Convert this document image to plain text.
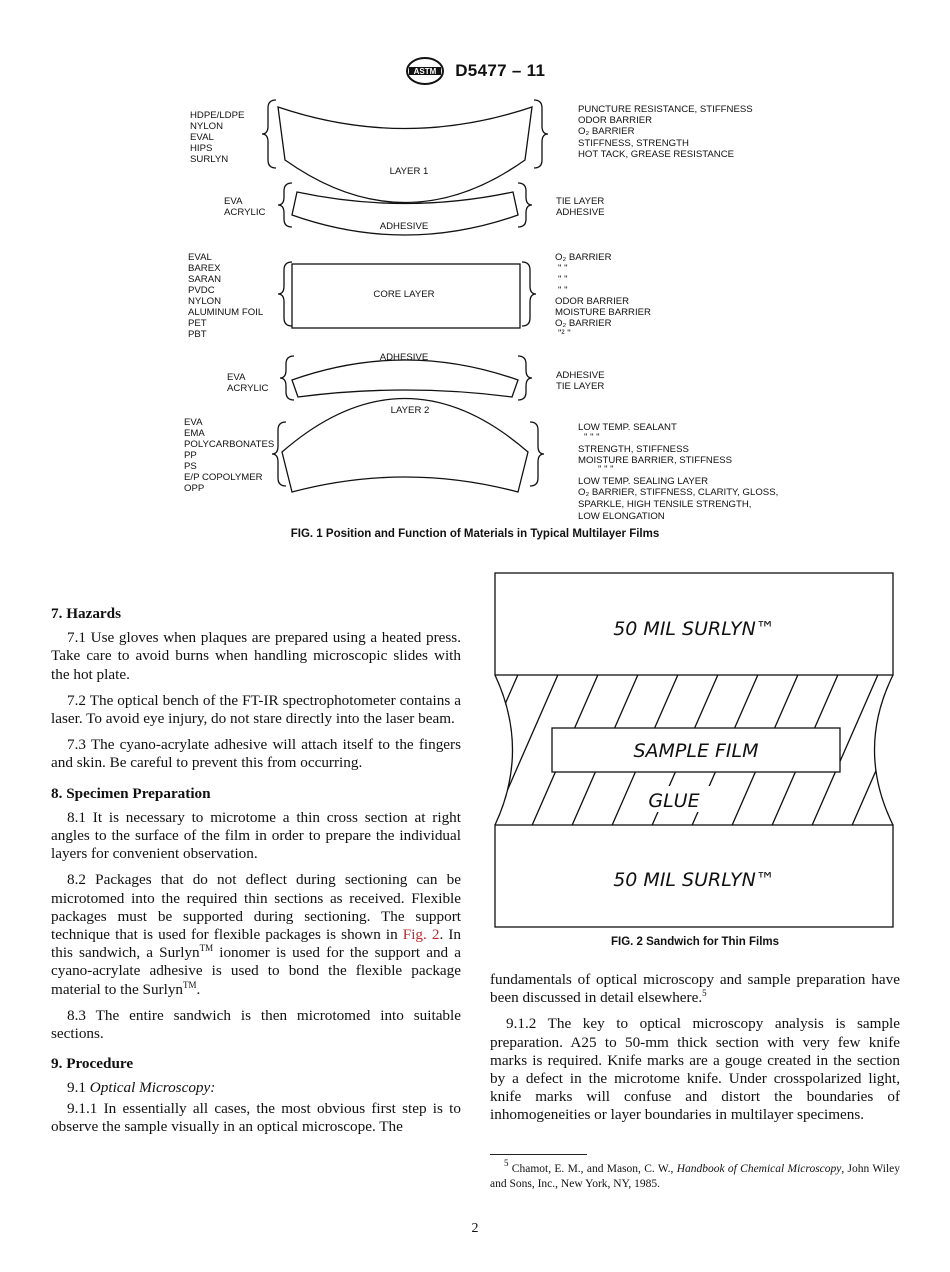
ASTM D5477 – 11
LAYER 1
ADHESIVE
CORE LAYER
ADHESIVE
LAYER 2
HDPE/LDPE
NYLON
EVAL
HIPS
SURLYN
PUNCTURE RESISTANCE, STIFFNESS
ODOR BARRIER
O₂ BARRIER
STIFFNESS, STRENGTH
HOT TACK, GREASE RESISTANCE
EVA
ACRYLIC
TIE LAYER
ADHESIVE
EVAL
BAREX
SARAN
PVDC
NYLON
ALUMINUM FOIL
PET
PBT
O₂ BARRIER
" "
" "
" "
ODOR BARRIER
MOISTURE BARRIER
O₂ BARRIER
"² "
EVA
ACRYLIC
ADHESIVE
TIE LAYER
EVA
EMA
POLYCARBONATES
PP
PS
E/P COPOLYMER
OPP
LOW TEMP. SEALANT
" " "
STRENGTH, STIFFNESS
MOISTURE BARRIER, STIFFNESS
" " "
LOW TEMP. SEALING LAYER
O₂ BARRIER, STIFFNESS, CLARITY, GLOSS,
SPARKLE, HIGH TENSILE STRENGTH,
LOW ELONGATION
FIG. 1 Position and Function of Materials in Typical Multilayer Films
50 MIL SURLYN™
SAMPLE FILM
GLUE
50 MIL SURLYN™
FIG. 2 Sandwich for Thin Films
7. Hazards

7.1 Use gloves when plaques are prepared using a heated press. Take care to avoid burns when handling microscopic slides with the hot plate.

7.2 The optical bench of the FT-IR spectrophotometer contains a laser. To avoid eye injury, do not stare directly into the laser beam.

7.3 The cyano-acrylate adhesive will attach itself to the fingers and skin. Be careful to prevent this from occurring.

8. Specimen Preparation

8.1 It is necessary to microtome a thin cross section at right angles to the surface of the film in order to prepare the individual layers for convenient observation.

8.2 Packages that do not deflect during sectioning can be microtomed into the required thin sections as received. Flexible packages must be supported during sectioning. The support technique that is used for flexible packages is shown in Fig. 2. In this sandwich, a Surlyn™ ionomer is used for the support and a cyano-acrylate adhesive is used to bond the flexible package material to the Surlyn™.

8.3 The entire sandwich is then microtomed into suitable sections.

9. Procedure

9.1 Optical Microscopy:

9.1.1 In essentially all cases, the most obvious first step is to observe the sample visually in an optical microscope. The

fundamentals of optical microscopy and sample preparation have been discussed in detail elsewhere.$^5$

9.1.2 The key to optical microscopy analysis is sample preparation. A25 to 50-mm thick section with very few knife marks is required. Knife marks are a gouge created in the section by a defect in the microtome knife. Under crosspolarized light, knife marks will confuse and distort the boundaries of inhomogeneities or layer boundaries in multilayer specimens.

$^5$ Chamot, E. M., and Mason, C. W., Handbook of Chemical Microscopy, John Wiley and Sons, Inc., New York, NY, 1985.
2
